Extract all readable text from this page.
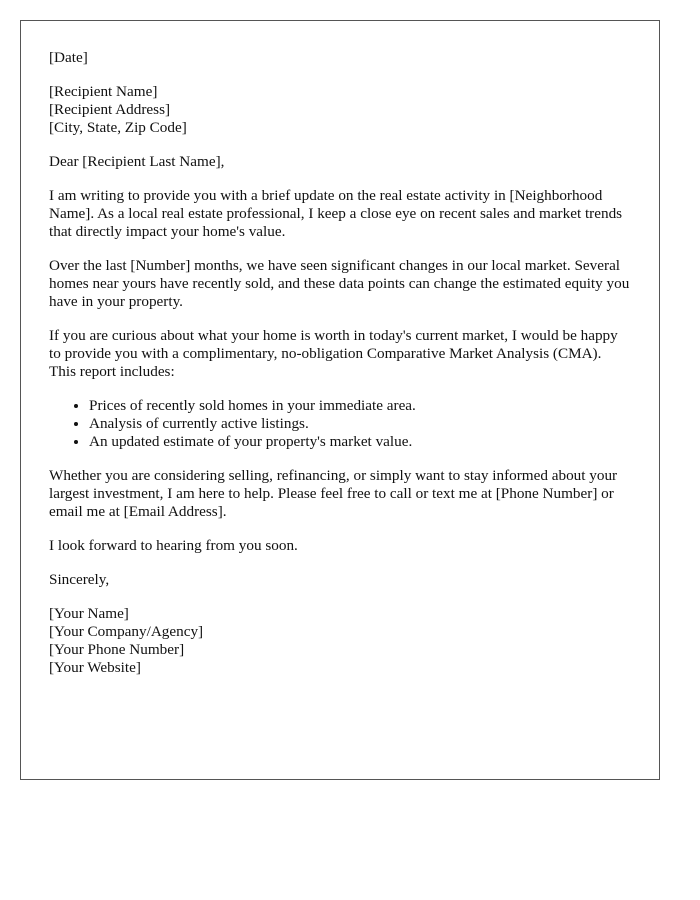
[Date]

[Recipient Name]
[Recipient Address]
[City, State, Zip Code]

Dear [Recipient Last Name],

I am writing to provide you with a brief update on the real estate activity in [Neighborhood Name]. As a local real estate professional, I keep a close eye on recent sales and market trends that directly impact your home's value.

Over the last [Number] months, we have seen significant changes in our local market. Several homes near yours have recently sold, and these data points can change the estimated equity you have in your property.

If you are curious about what your home is worth in today's current market, I would be happy to provide you with a complimentary, no-obligation Comparative Market Analysis (CMA). This report includes:

• Prices of recently sold homes in your immediate area.
• Analysis of currently active listings.
• An updated estimate of your property's market value.

Whether you are considering selling, refinancing, or simply want to stay informed about your largest investment, I am here to help. Please feel free to call or text me at [Phone Number] or email me at [Email Address].

I look forward to hearing from you soon.

Sincerely,

[Your Name]
[Your Company/Agency]
[Your Phone Number]
[Your Website]
